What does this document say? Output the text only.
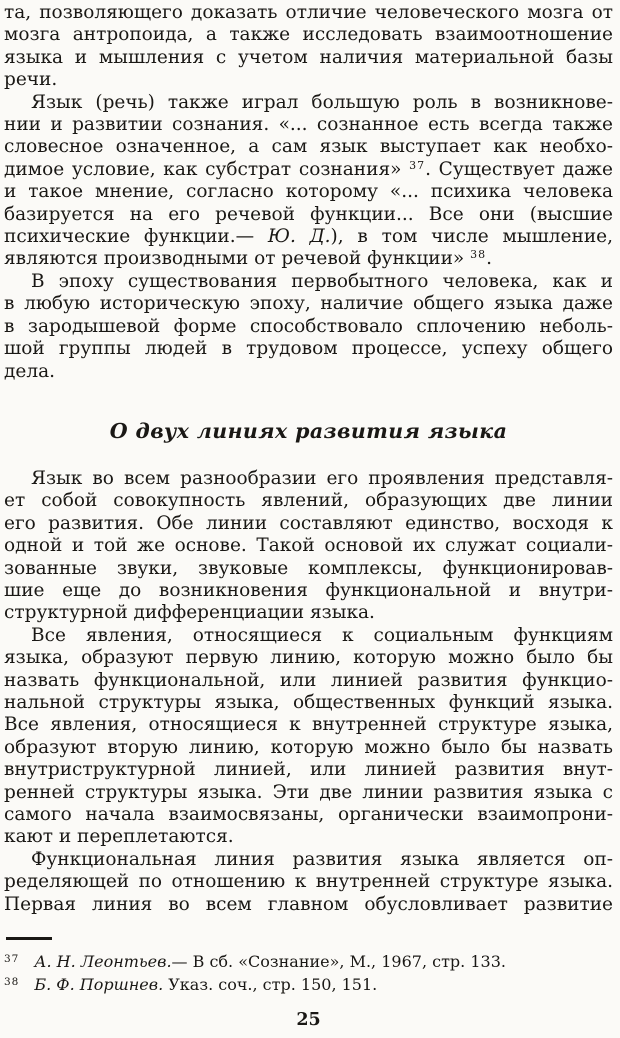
та, позволяющего доказать отличие человеческого мозга от
мозга антропоида, а также исследовать взаимоотношение
языка и мышления с учетом наличия материальной базы
речи.
Язык (речь) также играл большую роль в возникнове-
нии и развитии сознания. «... сознанное есть всегда также
словесное означенное, а сам язык выступает как необхо-
димое условие, как субстрат сознания» $^{37}$. Существует даже
и такое мнение, согласно которому «... психика человека
базируется на его речевой функции... Все они (высшие
психические функции.— Ю. Д.), в том числе мышление,
являются производными от речевой функции» $^{38}$.
В эпоху существования первобытного человека, как и
в любую историческую эпоху, наличие общего языка даже
в зародышевой форме способствовало сплочению неболь-
шой группы людей в трудовом процессе, успеху общего
дела.
О двух линиях развития языка
Язык во всем разнообразии его проявления представля-
ет собой совокупность явлений, образующих две линии
его развития. Обе линии составляют единство, восходя к
одной и той же основе. Такой основой их служат социали-
зованные звуки, звуковые комплексы, функционировав-
шие еще до возникновения функциональной и внутри-
структурной дифференциации языка.
Все явления, относящиеся к социальным функциям
языка, образуют первую линию, которую можно было бы
назвать функциональной, или линией развития функцио-
нальной структуры языка, общественных функций языка.
Все явления, относящиеся к внутренней структуре языка,
образуют вторую линию, которую можно было бы назвать
внутриструктурной линией, или линией развития внут-
ренней структуры языка. Эти две линии развития языка с
самого начала взаимосвязаны, органически взаимопрони-
кают и переплетаются.
Функциональная линия развития языка является оп-
ределяющей по отношению к внутренней структуре языка.
Первая линия во всем главном обусловливает развитие
$^{37}$ А. Н. Леонтьев.— В сб. «Сознание», М., 1967, стр. 133.
$^{38}$ Б. Ф. Поршнев. Указ. соч., стр. 150, 151.
25
